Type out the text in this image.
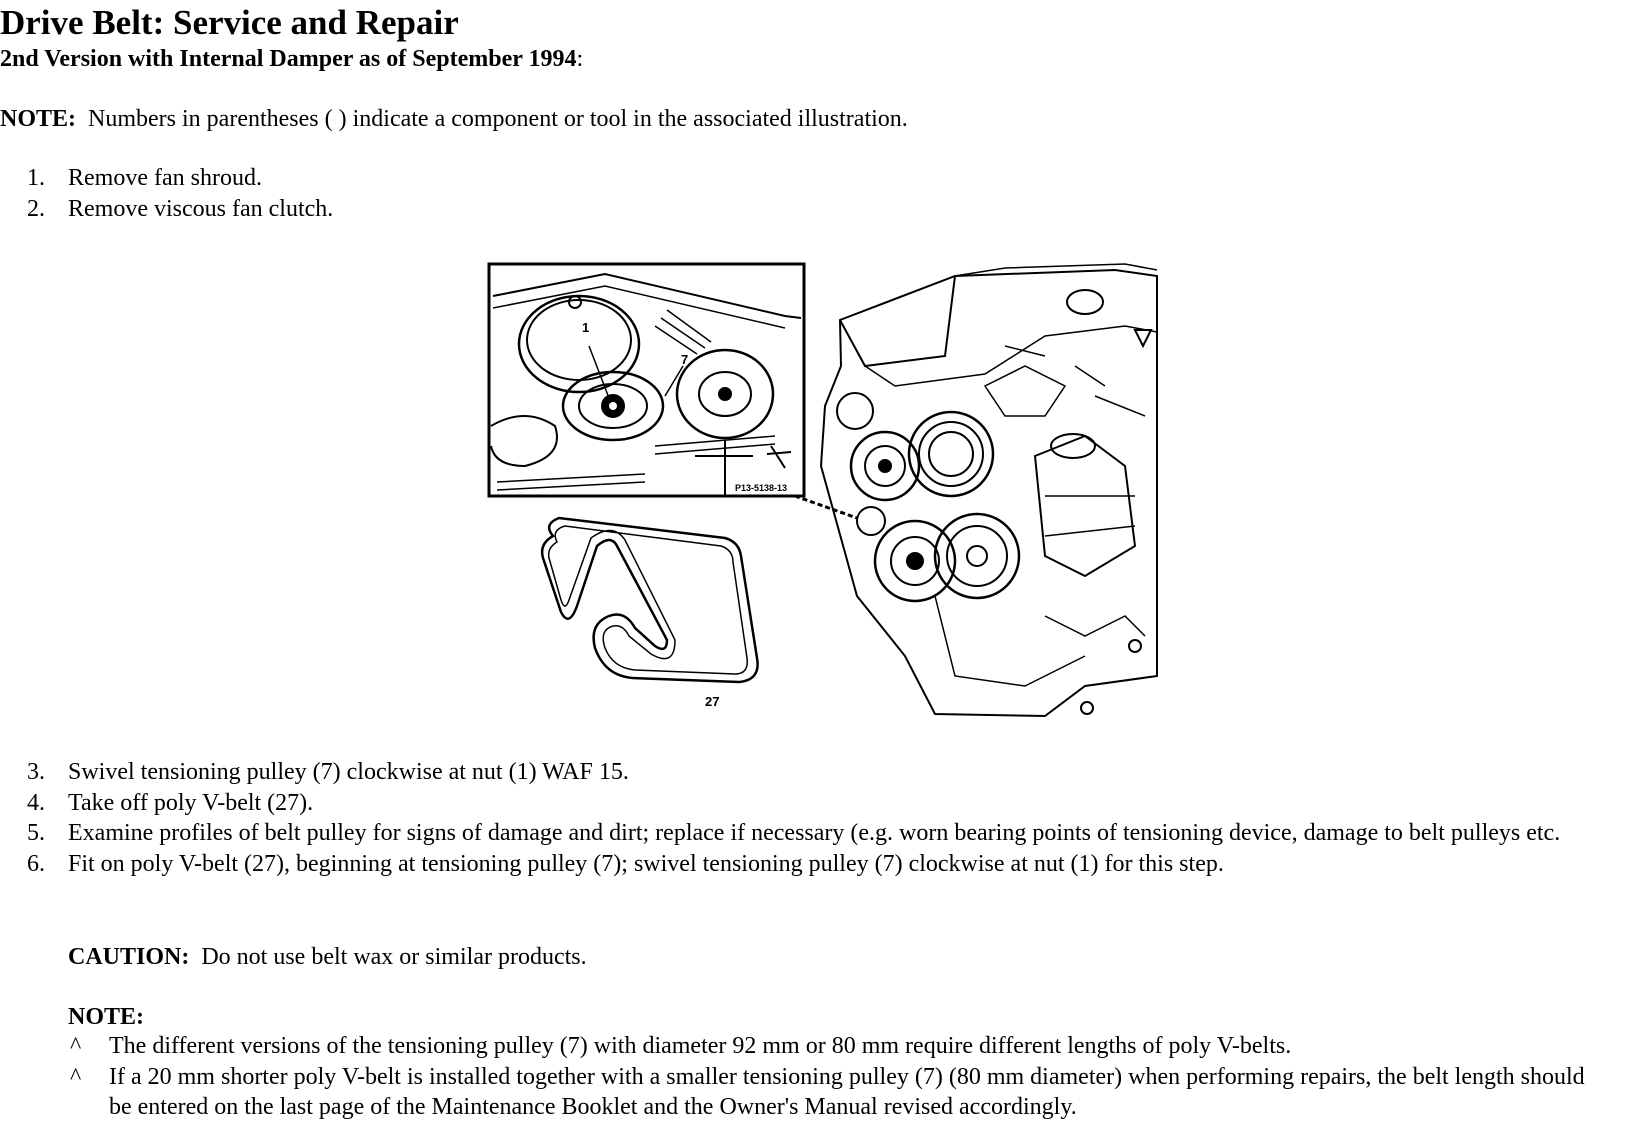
Drive Belt: Service and Repair
2nd Version with Internal Damper as of September 1994:
NOTE: Numbers in parentheses ( ) indicate a component or tool in the associated illustration.
1. Remove fan shroud.
2. Remove viscous fan clutch.
1
7
P13-5138-13
27
3. Swivel tensioning pulley (7) clockwise at nut (1) WAF 15.
4. Take off poly V-belt (27).
5. Examine profiles of belt pulley for signs of damage and dirt; replace if necessary (e.g. worn bearing points of tensioning device, damage to belt pulleys etc.
6. Fit on poly V-belt (27), beginning at tensioning pulley (7); swivel tensioning pulley (7) clockwise at nut (1) for this step.
CAUTION: Do not use belt wax or similar products.
NOTE:
^ The different versions of the tensioning pulley (7) with diameter 92 mm or 80 mm require different lengths of poly V-belts.
^ If a 20 mm shorter poly V-belt is installed together with a smaller tensioning pulley (7) (80 mm diameter) when performing repairs, the belt length should be entered on the last page of the Maintenance Booklet and the Owner's Manual revised accordingly.
